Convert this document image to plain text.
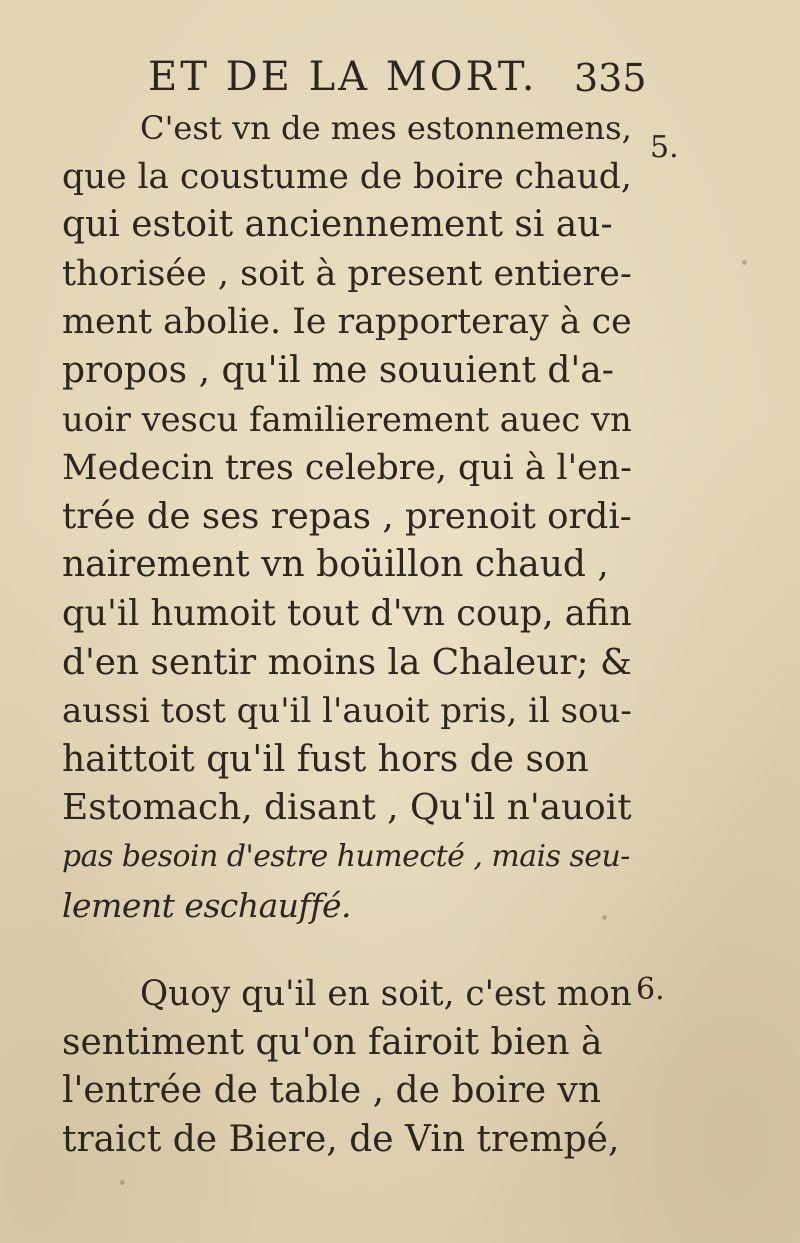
ET DE LA MORT. 335
5.
6.
C'est vn de mes estonnemens,
que la coustume de boire chaud,
qui estoit anciennement si au-
thorisée , soit à present entiere-
ment abolie. Ie rapporteray à ce
propos , qu'il me souuient d'a-
uoir vescu familierement auec vn
Medecin tres celebre, qui à l'en-
trée de ses repas , prenoit ordi-
nairement vn boüillon chaud ,
qu'il humoit tout d'vn coup, afin
d'en sentir moins la Chaleur; &
aussi tost qu'il l'auoit pris, il sou-
haittoit qu'il fust hors de son
Estomach, disant , Qu'il n'auoit
pas besoin d'estre humecté , mais seu-
lement eschauffé.
Quoy qu'il en soit, c'est mon
sentiment qu'on fairoit bien à
l'entrée de table , de boire vn
traict de Biere, de Vin trempé,
